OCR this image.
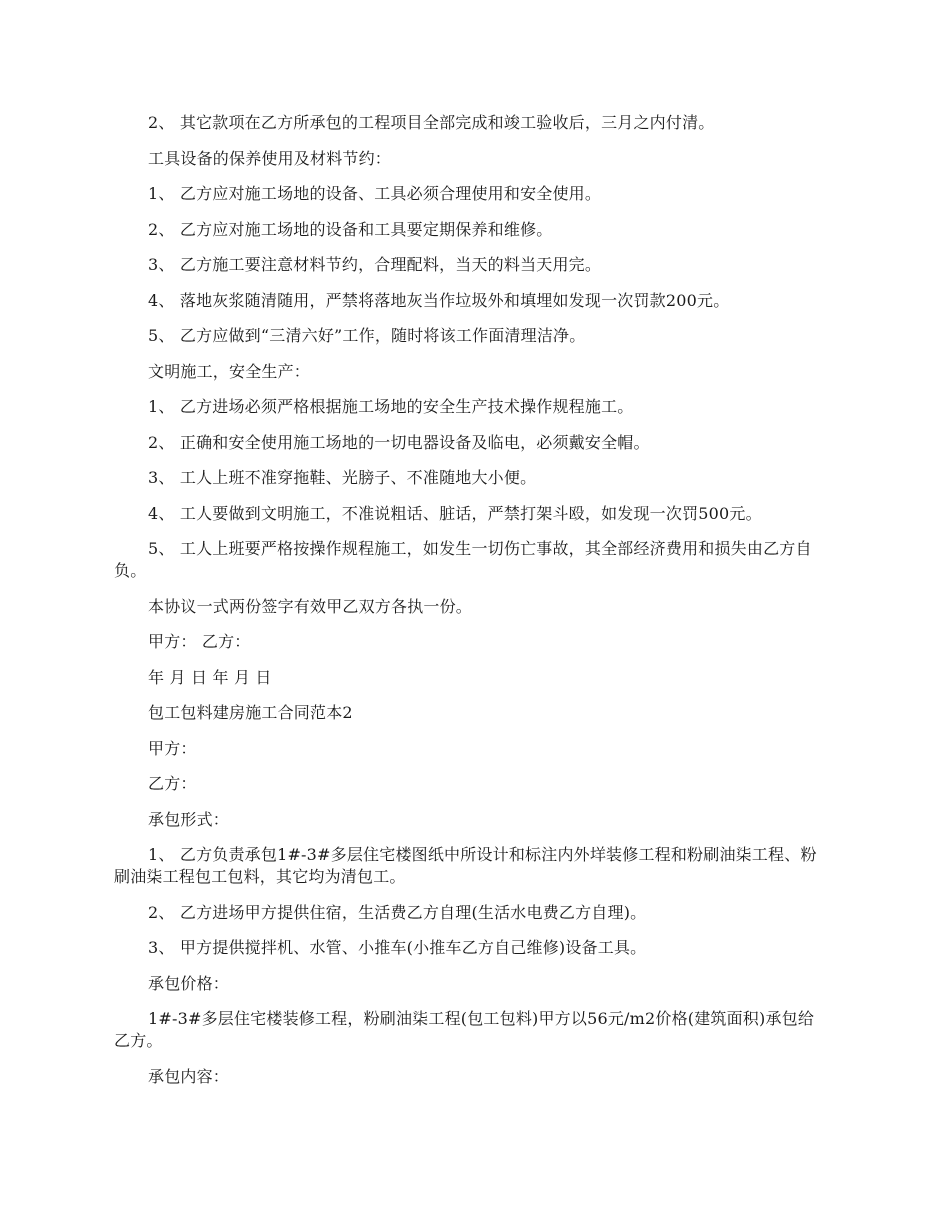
2、 其它款项在乙方所承包的工程项目全部完成和竣工验收后，三月之内付清。

工具设备的保养使用及材料节约：

1、 乙方应对施工场地的设备、工具必须合理使用和安全使用。

2、 乙方应对施工场地的设备和工具要定期保养和维修。

3、 乙方施工要注意材料节约，合理配料，当天的料当天用完。

4、 落地灰浆随清随用，严禁将落地灰当作垃圾外和填埋如发现一次罚款200元。

5、 乙方应做到“三清六好”工作，随时将该工作面清理洁净。

文明施工，安全生产：

1、 乙方进场必须严格根据施工场地的安全生产技术操作规程施工。

2、 正确和安全使用施工场地的一切电器设备及临电，必须戴安全帽。

3、 工人上班不准穿拖鞋、光膀子、不准随地大小便。

4、 工人要做到文明施工，不准说粗话、脏话，严禁打架斗殴，如发现一次罚500元。

5、 工人上班要严格按操作规程施工，如发生一切伤亡事故，其全部经济费用和损失由乙方自负。

本协议一式两份签字有效甲乙双方各执一份。

甲方： 乙方：

年 月 日 年 月 日

包工包料建房施工合同范本2

甲方：

乙方：

承包形式：

1、 乙方负责承包1#-3#多层住宅楼图纸中所设计和标注内外垟装修工程和粉刷油柒工程、粉刷油柒工程包工包料，其它均为清包工。

2、 乙方进场甲方提供住宿，生活费乙方自理(生活水电费乙方自理)。

3、 甲方提供搅拌机、水管、小推车(小推车乙方自己维修)设备工具。

承包价格：

1#-3#多层住宅楼装修工程，粉刷油柒工程(包工包料)甲方以56元/m2价格(建筑面积)承包给乙方。

承包内容：
